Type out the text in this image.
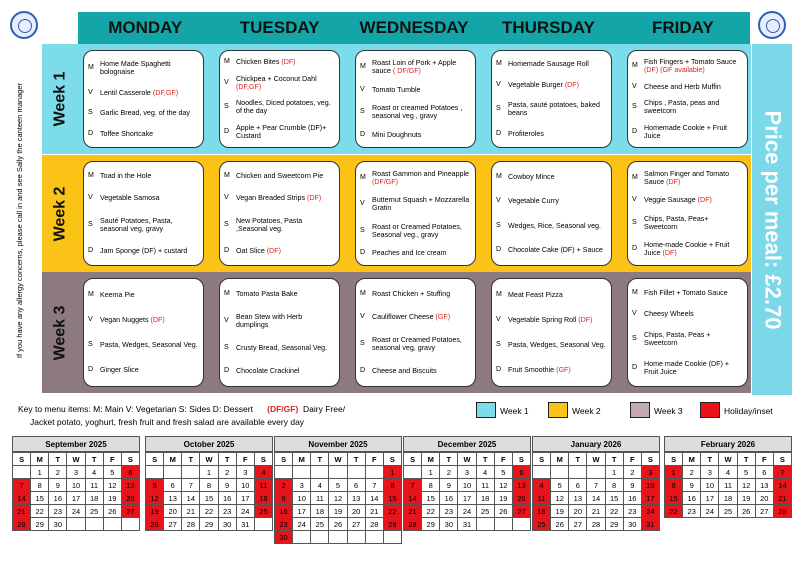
MONDAY	TUESDAY	WEDNESDAY	THURSDAY	FRIDAY
If you have any allergy concerns, please call in and see Sally the canteen manager Week 1
M Home Made Spaghetti bolognaise
V	Lentil Casserole (DF,GF)
S	Garlic Bread, veg. of the day
D Toffee Shortcake
M Chicken Bites (DF)
V	Chickpea + Coconut Dahl (DF,GF)
S	Noodles, Diced potatoes, veg. of the day
D Apple + Pear Crumble (DF)+ Custard
M Roast Loin of Pork + Apple sauce ( DF/GF)
V	Tomato Tumble
S	Roast or creamed Potatoes , seasonal veg , gravy
D Mini Doughnuts
M Homemade Sausage Roll
V	Vegetable Burger (DF)
S	Pasta, sauté potatoes, baked beans
D Profiteroles
M Fish Fingers + Tomato Sauce (DF) (GF available)
V	Cheese and Herb Muffin
S	Chips , Pasta, peas and sweetcorn
D Homemade Cookie + Fruit Juice
Week 2
M Toad in the Hole
V	Vegetable Samosa
S	Sauté Potatoes, Pasta, seasonal veg, gravy
D Jam Sponge (DF) + custard
M Chicken and Sweetcorn Pie
V	Vegan Breaded Strips (DF)
S	New Potatoes, Pasta ,Seasonal veg.
D Oat Slice (DF)
M Roast Gammon and Pineapple (DF/GF)
V	Butternut Squash + Mozzarella Gratin
S	Roast or Creamed Potatoes, Seasonal veg., gravy
D Peaches and Ice cream
M Cowboy Mince
V	Vegetable Curry
S	Wedges, Rice, Seasonal veg.
D Chocolate Cake (DF) + Sauce
M Salmon Finger and Tomato Sauce (DF)
V	Veggie Sausage (DF)
S	Chips, Pasta, Peas+ Sweetcorn
D Home-made Cookie + Fruit Juice (DF)
Week 3
M Keema Pie
V	Vegan Nuggets (DF)
S	Pasta, Wedges, Seasonal Veg.
D Ginger Slice
M Tomato Pasta Bake
V	Bean Stew with Herb dumplings
S	Crusty Bread, Seasonal Veg.
D Chocolate Crackinel
M Roast Chicken + Stuffing
V	Cauliflower Cheese (GF)
S	Roast or Creamed Potatoes, seasonal veg, gravy
D Cheese and Biscuits
M Meat Feast Pizza
V	Vegetable Spring Roll (DF)
S	Pasta, Wedges, Seasonal Veg.
D Fruit Smoothie (GF)
M Fish Fillet + Tomato Sauce
V	Cheesy Wheels
S	Chips, Pasta, Peas + Sweetcorn
D Home made Cookie (DF) + Fruit Juice
Price per meal: £2.70
Key to menu items: M: Main V: Vegetarian S: Sides D: Dessert (DF/GF) Dairy Free/
Jacket potato, yoghurt, fresh fruit and fresh salad are available every day
Week 1	Week 2	Week 3	Holiday/inset
September 2025
S	M	T	W	T	F	S
	1	2	3	4	5	6
7	8	9	10	11	12	13
14	15	16	17	18	19	20
21	22	23	24	25	26	27
28	29	30				
October 2025
S	M	T	W	T	F	S
			1	2	3	4
5	6	7	8	9	10	11
12	13	14	15	16	17	18
19	20	21	22	23	24	25
26	27	28	29	30	31	
November 2025
S	M	T	W	T	F	S
						1
2	3	4	5	6	7	8
9	10	11	12	13	14	15
16	17	18	19	20	21	22
23	24	25	26	27	28	29
30						
December 2025
S	M	T	W	T	F	S
	1	2	3	4	5	6
7	8	9	10	11	12	13
14	15	16	17	18	19	20
21	22	23	24	25	26	27
28	29	30	31			
January 2026
S	M	T	W	T	F	S
				1	2	3
4	5	6	7	8	9	10
11	12	13	14	15	16	17
18	19	20	21	22	23	24
25	26	27	28	29	30	31
February 2026
S	M	T	W	T	F	S
1	2	3	4	5	6	7
8	9	10	11	12	13	14
15	16	17	18	19	20	21
22	23	24	25	26	27	28
